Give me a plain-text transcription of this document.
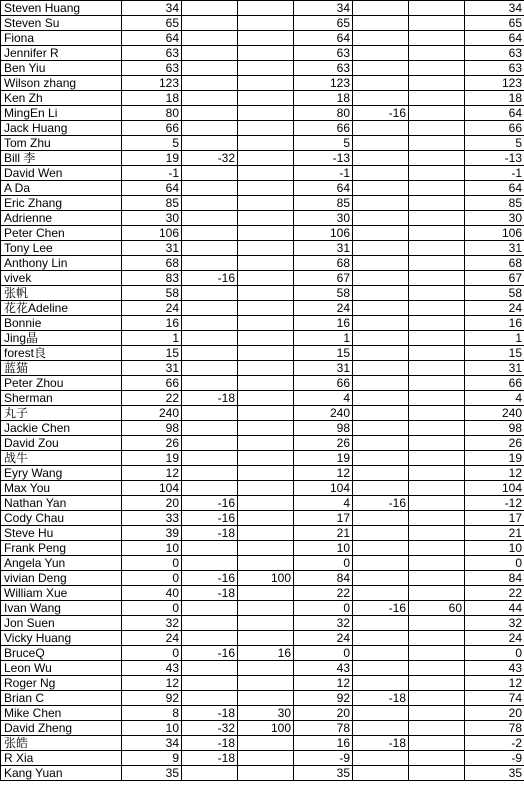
Steven Huang	34			34			34
Steven Su	65			65			65
Fiona	64			64			64
Jennifer R	63			63			63
Ben Yiu	63			63			63
Wilson zhang	123			123			123
Ken Zh	18			18			18
MingEn Li	80			80	-16		64
Jack Huang	66			66			66
Tom Zhu	5			5			5
Bill 李	19	-32		-13			-13
David Wen	-1			-1			-1
A Da	64			64			64
Eric Zhang	85			85			85
Adrienne	30			30			30
Peter Chen	106			106			106
Tony Lee	31			31			31
Anthony Lin	68			68			68
vivek	83	-16		67			67
张帆	58			58			58
花花Adeline	24			24			24
Bonnie	16			16			16
Jing晶	1			1			1
forest良	15			15			15
蓝猫	31			31			31
Peter Zhou	66			66			66
Sherman	22	-18		4			4
丸子	240			240			240
Jackie Chen	98			98			98
David Zou	26			26			26
战牛	19			19			19
Eyry Wang	12			12			12
Max You	104			104			104
Nathan Yan	20	-16		4	-16		-12
Cody Chau	33	-16		17			17
Steve Hu	39	-18		21			21
Frank Peng	10			10			10
Angela Yun	0			0			0
vivian Deng	0	-16	100	84			84
William Xue	40	-18		22			22
Ivan Wang	0			0	-16	60	44
Jon Suen	32			32			32
Vicky Huang	24			24			24
BruceQ	0	-16	16	0			0
Leon Wu	43			43			43
Roger Ng	12			12			12
Brian C	92			92	-18		74
Mike Chen	8	-18	30	20			20
David Zheng	10	-32	100	78			78
张皓	34	-18		16	-18		-2
R Xia	9	-18		-9			-9
Kang Yuan	35			35			35
